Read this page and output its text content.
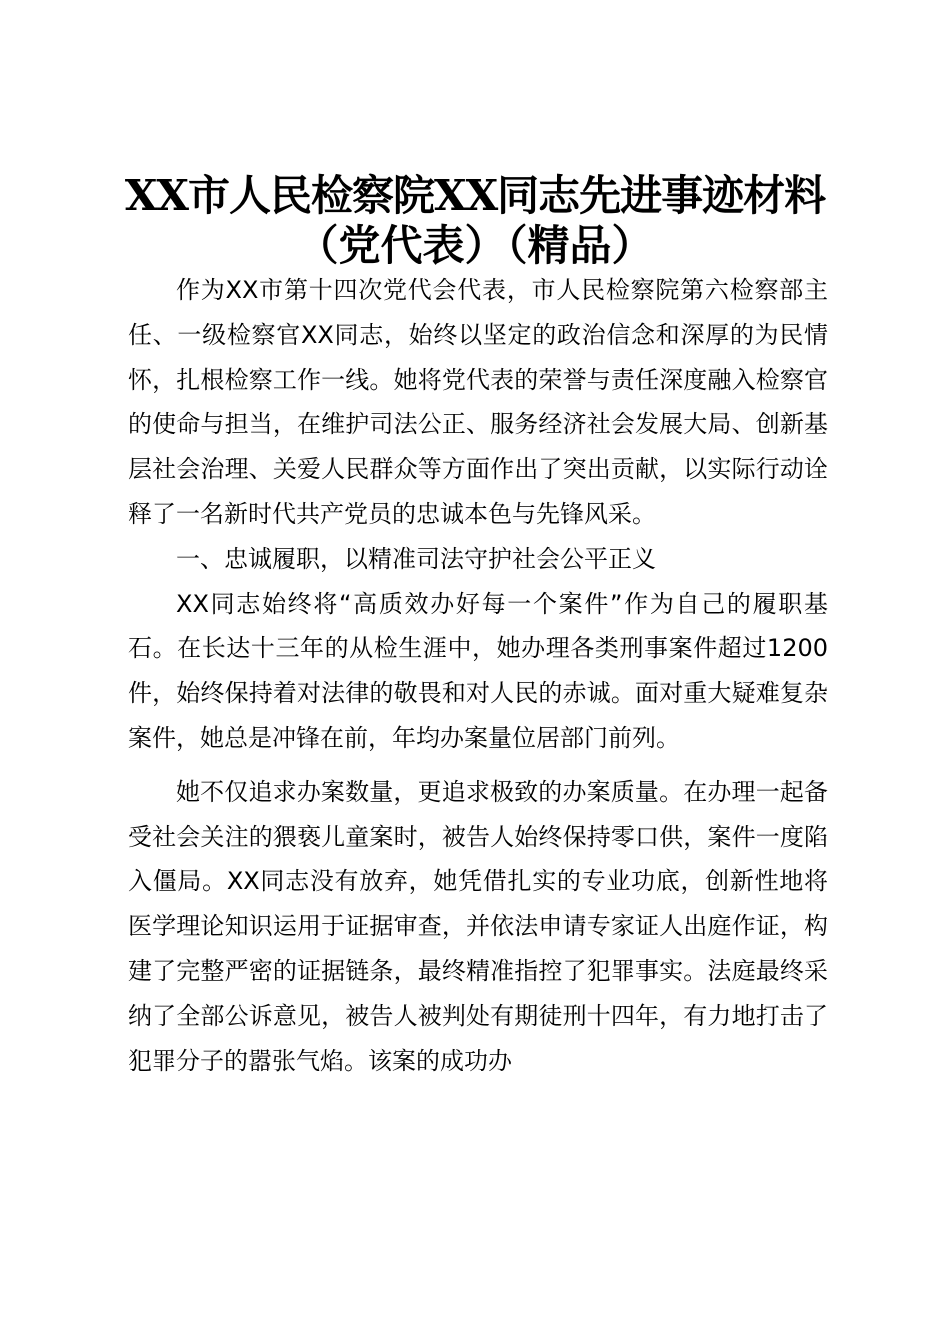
XX市人民检察院XX同志先进事迹材料
（党代表）（精品）

作为XX市第十四次党代会代表，市人民检察院第六检察部主任、一级检察官XX同志，始终以坚定的政治信念和深厚的为民情怀，扎根检察工作一线。她将党代表的荣誉与责任深度融入检察官的使命与担当，在维护司法公正、服务经济社会发展大局、创新基层社会治理、关爱人民群众等方面作出了突出贡献，以实际行动诠释了一名新时代共产党员的忠诚本色与先锋风采。

一、忠诚履职，以精准司法守护社会公平正义

XX同志始终将“高质效办好每一个案件”作为自己的履职基石。在长达十三年的从检生涯中，她办理各类刑事案件超过1200件，始终保持着对法律的敬畏和对人民的赤诚。面对重大疑难复杂案件，她总是冲锋在前，年均办案量位居部门前列。

她不仅追求办案数量，更追求极致的办案质量。在办理一起备受社会关注的猥亵儿童案时，被告人始终保持零口供，案件一度陷入僵局。XX同志没有放弃，她凭借扎实的专业功底，创新性地将医学理论知识运用于证据审查，并依法申请专家证人出庭作证，构建了完整严密的证据链条，最终精准指控了犯罪事实。法庭最终采纳了全部公诉意见，被告人被判处有期徒刑十四年，有力地打击了犯罪分子的嚣张气焰。该案的成功办
